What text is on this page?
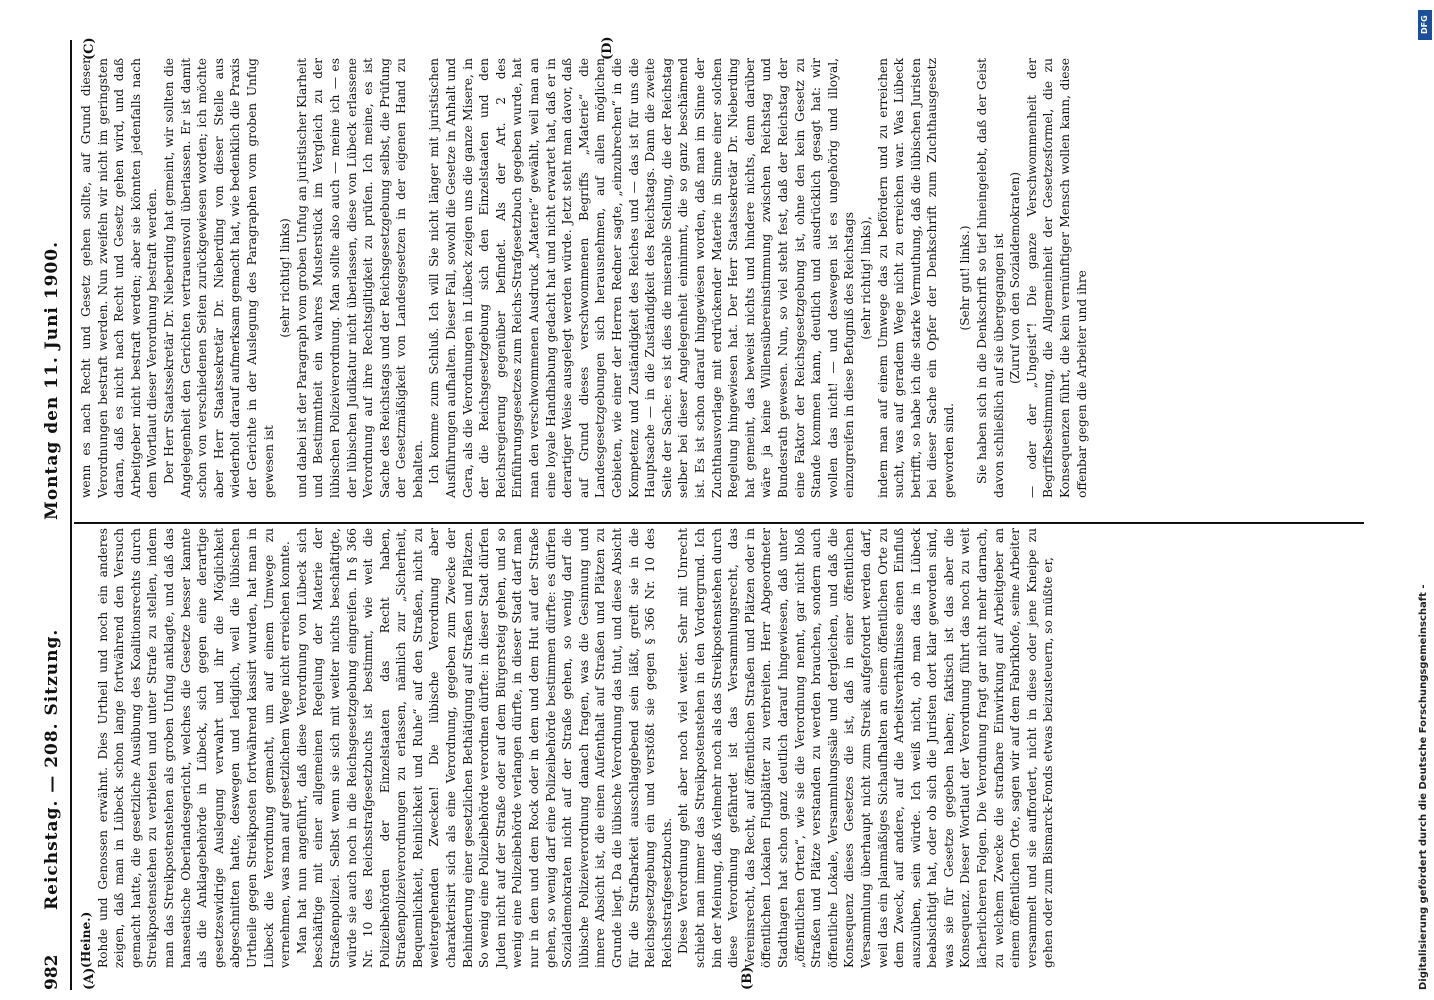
982
Reichstag. — 208. Sitzung.
Montag den 11. Juni 1900.
(A)	(B)
(C)	(D)

(Heine.) Rohde und Genossen erwähnt. Dies Urtheil und noch ein anderes zeigen, daß man in Lübeck schon lange fortwährend den Versuch gemacht hatte, die gesetzliche Ausübung des Koalitionsrechts durch Streikpostenstehen zu verbieten und unter Strafe zu stellen, indem man das Streikpostenstehen als groben Unfug anklagte, und daß das hanseatische Oberlandesgericht, welches die Gesetze besser kannte als die Anklagebehörde in Lübeck, sich gegen eine derartige gesetzeswidrige Auslegung verwahrt und ihr die Möglichkeit abgeschnitten hatte, deswegen und lediglich, weil die lübischen Urtheile gegen Streikposten fortwährend kassirt wurden, hat man in Lübeck die Verordnung gemacht, um auf einem Umwege zu vernehmen, was man auf gesetzlichem Wege nicht erreichen konnte. Man hat nun angeführt, daß diese Verordnung von Lübeck sich beschäftige mit einer allgemeinen Regelung der Materie der Straßenpolizei. Selbst wenn sie sich mit weiter nichts beschäftigte, würde sie auch noch in die Reichsgesetzgebung eingreifen. In § 366 Nr. 10 des Reichsstrafgesetzbuchs ist bestimmt, wie weit die Polizeibehörden der Einzelstaaten das Recht haben, Straßenpolizeiverordnungen zu erlassen, nämlich zur „Sicherheit, Bequemlichkeit, Reinlichkeit und Ruhe“ auf den Straßen, nicht zu weitergehenden Zwecken! Die lübische Verordnung aber charakterisirt sich als eine Verordnung, gegeben zum Zwecke der Behinderung einer gesetzlichen Bethätigung auf Straßen und Plätzen. So wenig eine Polizeibehörde verordnen dürfte: in dieser Stadt dürfen Juden nicht auf der Straße oder auf dem Bürgersteig gehen, und so wenig eine Polizeibehörde verlangen dürfte, in dieser Stadt darf man nur in dem und dem Rock oder in dem und dem Hut auf der Straße gehen, so wenig darf eine Polizeibehörde bestimmen dürfte: es dürfen Sozialdemokraten nicht auf der Straße gehen, so wenig darf die lübische Polizeiverordnung danach fragen, was die Gesinnung und innere Absicht ist, die einen Aufenthalt auf Straßen und Plätzen zu Grunde liegt. Da die lübische Verordnung das thut, und diese Absicht für die Strafbarkeit ausschlaggebend sein läßt, greift sie in die Reichsgesetzgebung ein und verstößt sie gegen § 366 Nr. 10 des Reichsstrafgesetzbuchs. Diese Verordnung geht aber noch viel weiter. Sehr mit Unrecht schiebt man immer das Streikpostenstehen in den Vordergrund. Ich bin der Meinung, daß vielmehr noch als das Streikpostenstehen durch diese Verordnung gefährdet ist das Versammlungsrecht, das Vereinsrecht, das Recht, auf öffentlichen Straßen und Plätzen oder in öffentlichen Lokalen Flugblätter zu verbreiten. Herr Abgeordneter Stadthagen hat schon ganz deutlich darauf hingewiesen, daß unter „öffentlichen Orten“, wie sie die Verordnung nennt, gar nicht bloß Straßen und Plätze verstanden zu werden brauchen, sondern auch öffentliche Lokale, Versammlungssäle und dergleichen, und daß die Konsequenz dieses Gesetzes die ist, daß in einer öffentlichen Versammlung überhaupt nicht zum Streik aufgefordert werden darf, weil das ein planmäßiges Sichaufhalten an einem öffentlichen Orte zu dem Zweck, auf andere, auf die Arbeitsverhältnisse einen Einfluß auszuüben, sein würde. Ich weiß nicht, ob man das in Lübeck beabsichtigt hat, oder ob sich die Juristen dort klar geworden sind, was sie für Gesetze gegeben haben; faktisch ist das aber die Konsequenz. Dieser Wortlaut der Verordnung führt das noch zu weit lächerlicheren Folgen. Die Verordnung fragt gar nicht mehr darnach, zu welchem Zwecke die strafbare Einwirkung auf Arbeitgeber an einem öffentlichen Orte, sagen wir auf dem Fabrikhofe, seine Arbeiter versammelt und sie auffordert, nicht in diese oder jene Kneipe zu gehen oder zum Bismarck-Fonds etwas beizusteuern, so müßte er,

wenn es nach Recht und Gesetz gehen sollte, auf Grund dieser Verordnungen bestraft werden. Nun zweifeln wir nicht im geringsten daran, daß es nicht nach Recht und Gesetz gehen wird, und daß Arbeitgeber nicht bestraft werden; aber sie könnten jedenfalls nach dem Wortlaut dieser Verordnung bestraft werden. Der Herr Staatssekretär Dr. Nieberding hat gemeint, wir sollten die Angelegenheit den Gerichten vertrauensvoll überlassen. Er ist damit schon von verschiedenen Seiten zurückgewiesen worden; ich möchte aber Herr Staatssekretär Dr. Nieberding von dieser Stelle aus wiederholt darauf aufmerksam gemacht hat, wie bedenklich die Praxis der Gerichte in der Auslegung des Paragraphen vom groben Unfug gewesen ist

(sehr richtig! links) und dabei ist der Paragraph vom groben Unfug an juristischer Klarheit und Bestimmtheit ein wahres Musterstück im Vergleich zu der lübischen Polizeiverordnung. Man sollte also auch — meine ich — es der lübischen Judikatur nicht überlassen, diese von Lübeck erlassene Verordnung auf ihre Rechtsgiltigkeit zu prüfen. Ich meine, es ist Sache des Reichstags und der Reichsgesetzgebung selbst, die Prüfung der Gesetzmäßigkeit von Landesgesetzen in der eigenen Hand zu behalten. Ich komme zum Schluß. Ich will Sie nicht länger mit juristischen Ausführungen aufhalten. Dieser Fall, sowohl die Gesetze in Anhalt und Gera, als die Verordnungen in Lübeck zeigen uns die ganze Misere, in der die Reichsgesetzgebung sich den Einzelstaaten und den Reichsregierung gegenüber befindet. Als der Art. 2 des Einführungsgesetzes zum Reichs-Strafgesetzbuch gegeben wurde, hat man den verschwommenen Ausdruck „Materie“ gewählt, weil man an eine loyale Handhabung gedacht hat und nicht erwartet hat, daß er in derartiger Weise ausgelegt werden würde. Jetzt steht man davor, daß auf Grund dieses verschwommenen Begriffs „Materie“ die Landesgesetzgebungen sich herausnehmen, auf allen möglichen Gebieten, wie einer der Herren Redner sagte, „einzubrechen“ in die Kompetenz und Zuständigkeit des Reiches und — das ist für uns die Hauptsache — in die Zuständigkeit des Reichstags. Dann die zweite Seite der Sache: es ist dies die miserable Stellung, die der Reichstag selber bei dieser Angelegenheit einnimmt, die so ganz beschämend ist. Es ist schon darauf hingewiesen worden, daß man im Sinne der Zuchthausvorlage mit erdrückender Materie in Sinne einer solchen Regelung hingewiesen hat. Der Herr Staatssekretär Dr. Nieberding hat gemeint, das beweist nichts und hindere nichts, denn darüber wäre ja keine Willensübereinstimmung zwischen Reichstag und Bundesrath gewesen. Nun, so viel steht fest, daß der Reichstag der eine Faktor der Reichsgesetzgebung ist, ohne den kein Gesetz zu Stande kommen kann, deutlich und ausdrücklich gesagt hat: wir wollen das nicht! — und deswegen ist es ungehörig und illoyal, einzugreifen in diese Befugniß des Reichstags (sehr richtig! links), indem man auf einem Umwege das zu befördern und zu erreichen sucht, was auf geradem Wege nicht zu erreichen war. Was Lübeck betrifft, so habe ich die starke Vermuthung, daß die lübischen Juristen bei dieser Sache ein Opfer der Denkschrift zum Zuchthausgesetz geworden sind.

(Sehr gut! links.) Sie haben sich in die Denkschrift so tief hineingelebt, daß der Geist davon schließlich auf sie übergegangen ist (Zuruf von den Sozialdemokraten) — oder der „Ungeist“! Die ganze Verschwommenheit der Begriffsbestimmung, die Allgemeinheit der Gesetzesformel, die zu Konsequenzen führt, die kein vernünftiger Mensch wollen kann, diese offenbar gegen die Arbeiter und ihre

DFG
Digitalisierung gefördert durch die Deutsche Forschungsgemeinschaft -
